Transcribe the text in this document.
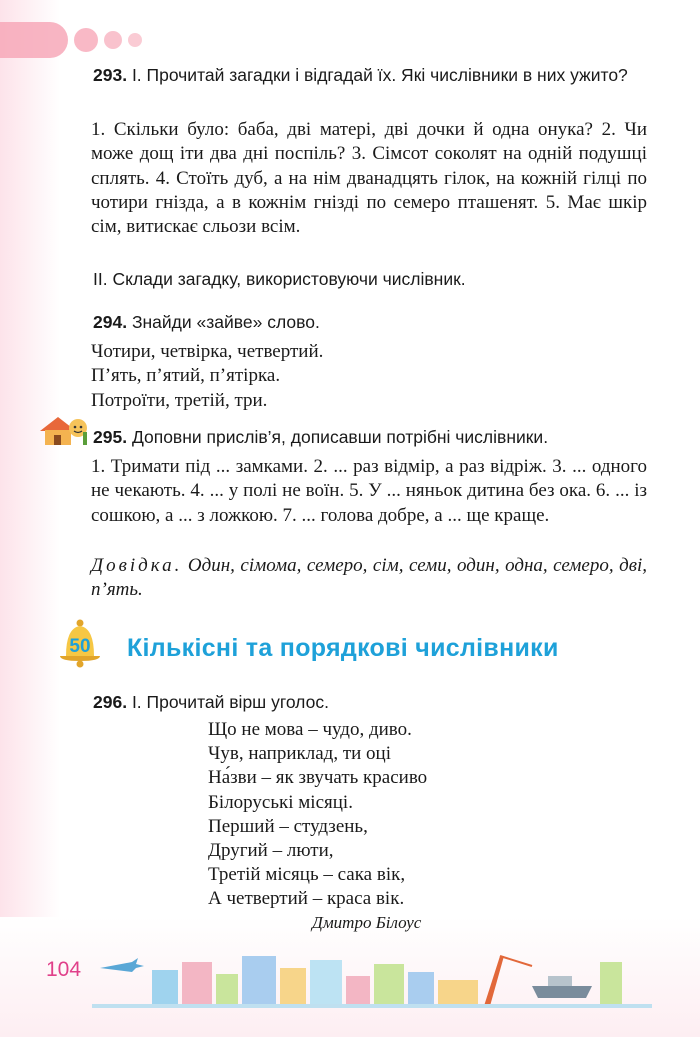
293. І. Прочитай загадки і відгадай їх. Які числівники в них ужито?
1. Скільки було: баба, дві матері, дві дочки й одна онука? 2. Чи може дощ іти два дні поспіль? 3. Сімсот соколят на одній подушці сплять. 4. Стоїть дуб, а на нім дванадцять гілок, на кожній гілці по чотири гнізда, а в кожнім гнізді по семеро пташенят. 5. Має шкір сім, витискає сльози всім.
ІІ. Склади загадку, використовуючи числівник.
294. Знайди «зайве» слово.
Чотири, четвірка, четвертий.
П’ять, п’ятий, п’ятірка.
Потроїти, третій, три.
295. Доповни прислів’я, дописавши потрібні числівники.
1. Тримати під ... замками. 2. ... раз відмір, а раз відріж. 3. ... одного не чекають. 4. ... у полі не воїн. 5. У ... няньок дитина без ока. 6. ... із сошкою, а ... з ложкою. 7. ... голова добре, а ... ще краще.
Довідка. Один, сімома, семеро, сім, семи, один, одна, семеро, дві, п’ять.
50	Кількісні та порядкові числівники
296. І. Прочитай вірш уголос.
Що не мова – чудо, диво.
Чув, наприклад, ти оці
На́зви – як звучать красиво
Білоруські місяці.
Перший – студзень,
Другий – люти,
Третій місяць – сака вік,
А четвертий – краса вік.
Дмитро Білоус
104
